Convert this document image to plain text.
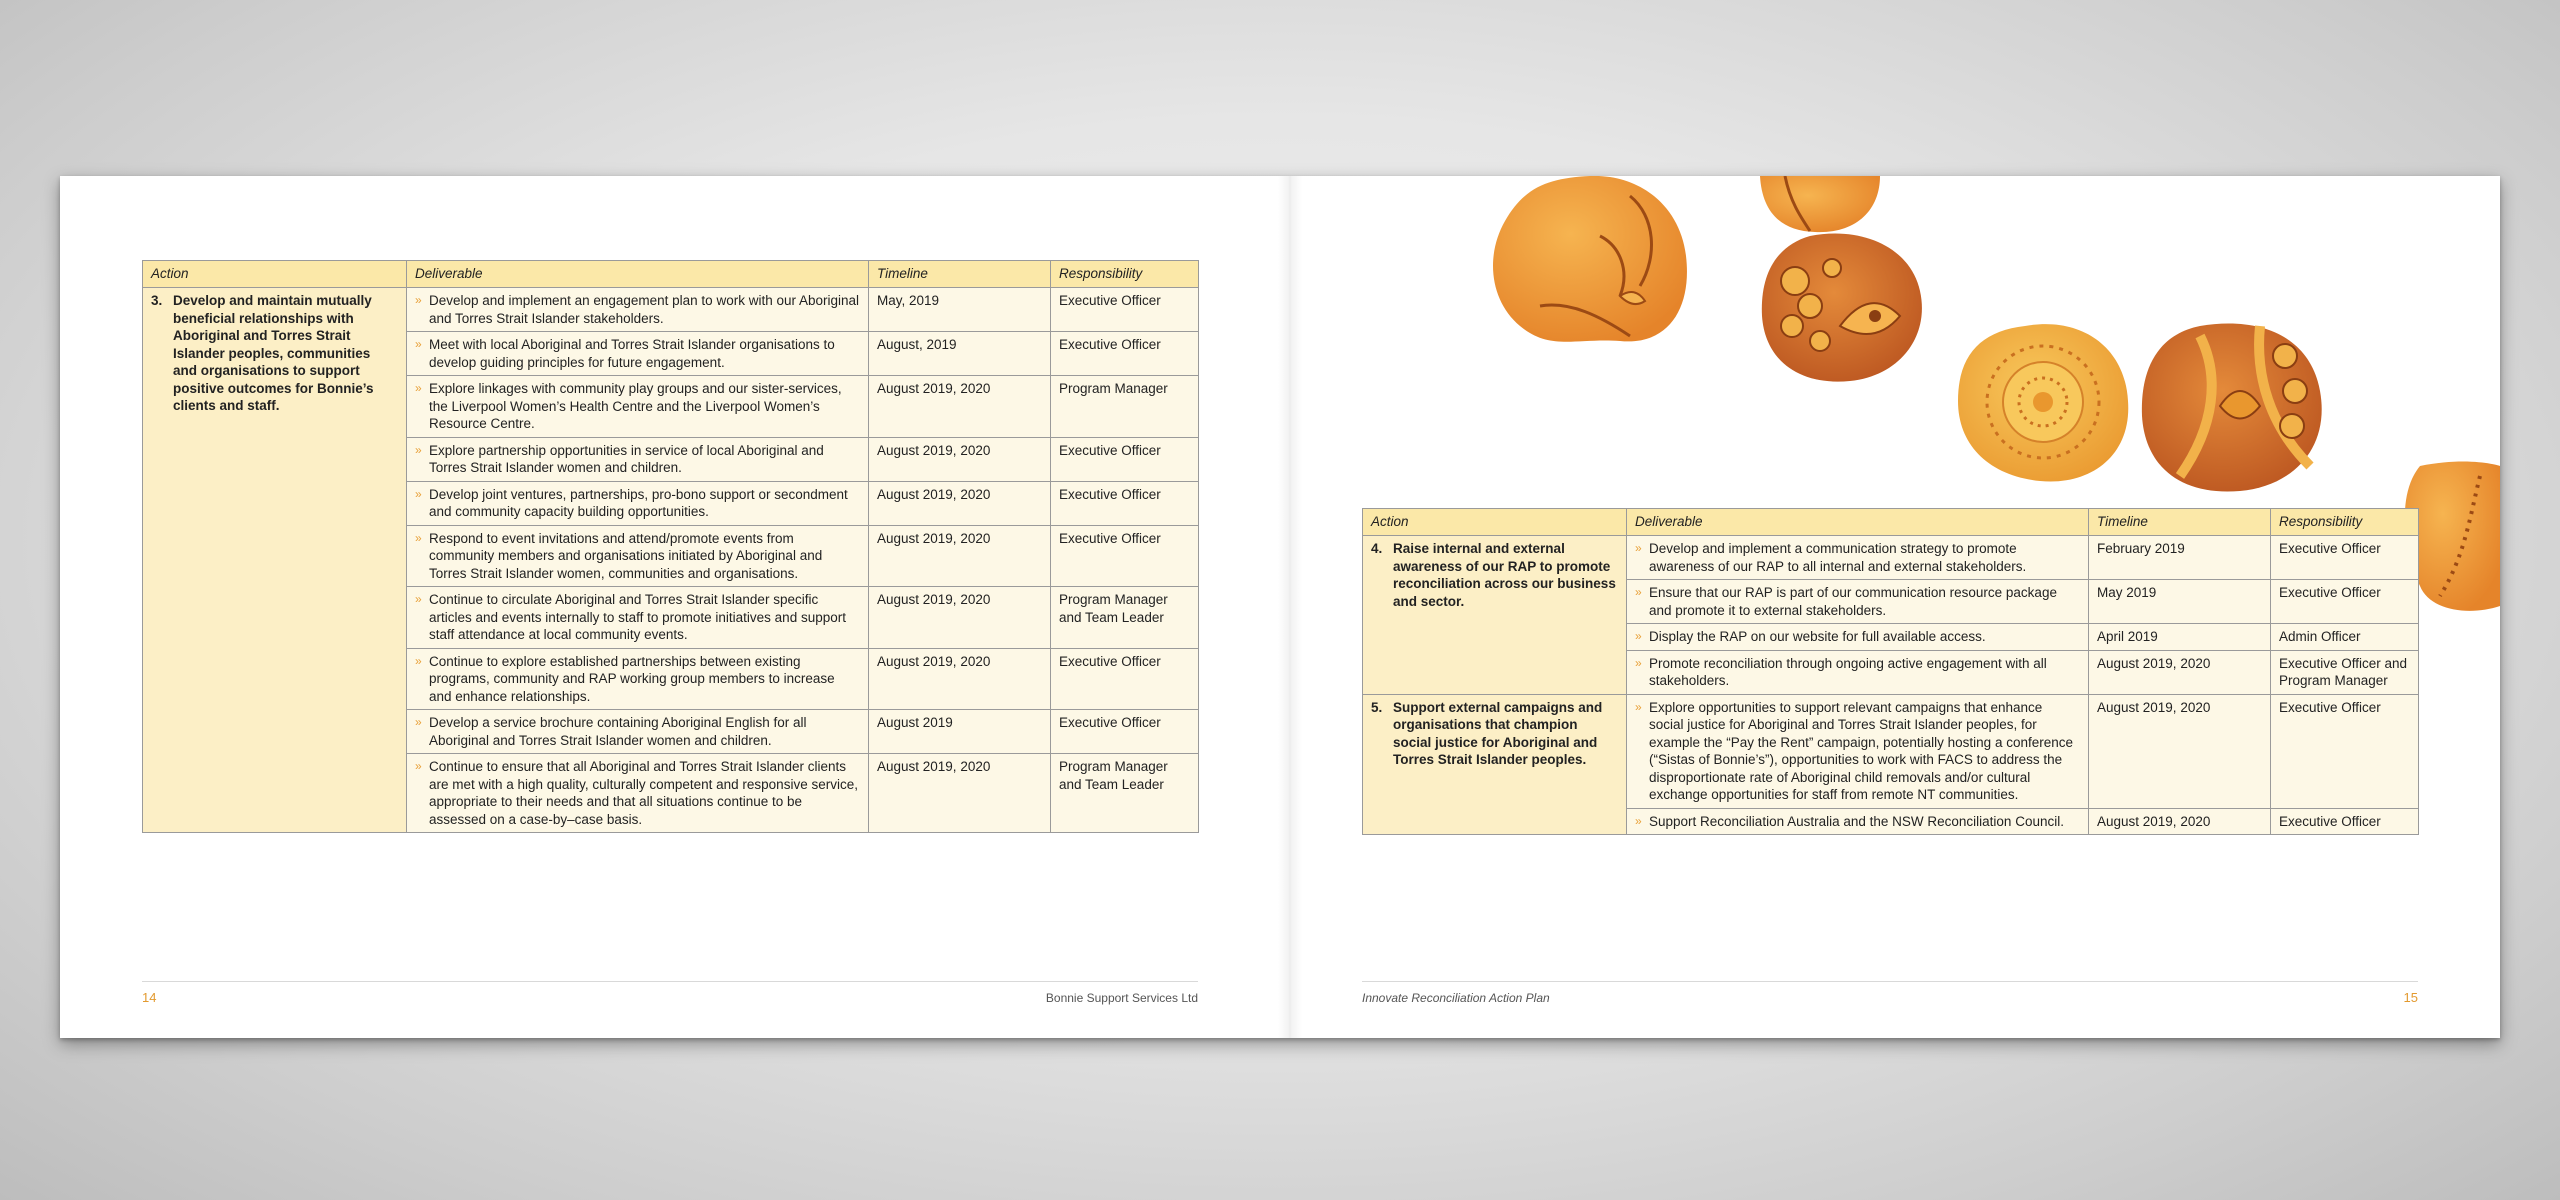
Action	Deliverable	Timeline	Responsibility

3. Develop and maintain mutually beneficial relationships with Aboriginal and Torres Strait Islander peoples, communities and organisations to support positive outcomes for Bonnie’s clients and staff.	» Develop and implement an engagement plan to work with our Aboriginal and Torres Strait Islander stakeholders.	May, 2019	Executive Officer

	» Meet with local Aboriginal and Torres Strait Islander organisations to develop guiding principles for future engagement.	August, 2019	Executive Officer

	» Explore linkages with community play groups and our sister-services, the Liverpool Women’s Health Centre and the Liverpool Women’s Resource Centre.	August 2019, 2020	Program Manager

	» Explore partnership opportunities in service of local Aboriginal and Torres Strait Islander women and children.	August 2019, 2020	Executive Officer

	» Develop joint ventures, partnerships, pro-bono support or secondment and community capacity building opportunities.	August 2019, 2020	Executive Officer

	» Respond to event invitations and attend/promote events from community members and organisations initiated by Aboriginal and Torres Strait Islander women, communities and organisations.	August 2019, 2020	Executive Officer

	» Continue to circulate Aboriginal and Torres Strait Islander specific articles and events internally to staff to promote initiatives and support staff attendance at local community events.	August 2019, 2020	Program Manager and Team Leader

	» Continue to explore established partnerships between existing programs, community and RAP working group members to increase and enhance relationships.	August 2019, 2020	Executive Officer

	» Develop a service brochure containing Aboriginal English for all Aboriginal and Torres Strait Islander women and children.	August 2019	Executive Officer

	» Continue to ensure that all Aboriginal and Torres Strait Islander clients are met with a high quality, culturally competent and responsive service, appropriate to their needs and that all situations continue to be assessed on a case-by–case basis.	August 2019, 2020	Program Manager and Team Leader
Action	Deliverable	Timeline	Responsibility

4. Raise internal and external awareness of our RAP to promote reconciliation across our business and sector.	» Develop and implement a communication strategy to promote awareness of our RAP to all internal and external stakeholders.	February 2019	Executive Officer

	» Ensure that our RAP is part of our communication resource package and promote it to external stakeholders.	May 2019	Executive Officer

	» Display the RAP on our website for full available access.	April 2019	Admin Officer

	» Promote reconciliation through ongoing active engagement with all stakeholders.	August 2019, 2020	Executive Officer and Program Manager

5. Support external campaigns and organisations that champion social justice for Aboriginal and Torres Strait Islander peoples.	» Explore opportunities to support relevant campaigns that enhance social justice for Aboriginal and Torres Strait Islander peoples, for example the “Pay the Rent” campaign, potentially hosting a conference (“Sistas of Bonnie’s”), opportunities to work with FACS to address the disproportionate rate of Aboriginal child removals and/or cultural exchange opportunities for staff from remote NT communities.	August 2019, 2020	Executive Officer

	» Support Reconciliation Australia and the NSW Reconciliation Council.	August 2019, 2020	Executive Officer
14	Bonnie Support Services Ltd	Innovate Reconciliation Action Plan	15
